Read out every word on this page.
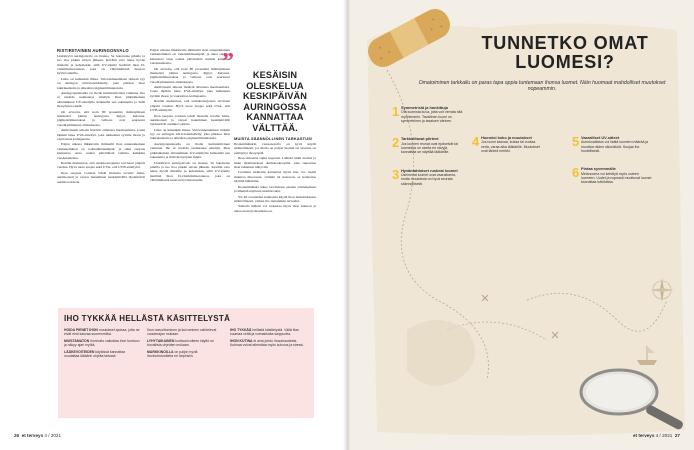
RISTIRIITAINEN AURINGONVALO

Lisääntyvä auringonvalo on ihanaa. Se lekottelee pihalla ja tuo iloa pitkän talven jälkeen. Kevään valo tekee hyvää mielelle ja kehollekin, sillä UV-säteily herättää ihon D-vitamiinituotannon, joka on välttämätöntä luuston hyvinvoinnille.

Liika on kuitenkin liikaa. Valovanhenemisen tärkein syy on auringon ultraviolettisäteily, joka pilkkoo ihon tukirakenteita ja aiheuttaa pigmenttimuutoksia.

Auringonpaisteella on iholle kumulatiivinen vaikutus. Iho ei unohda saamaansa säteilyä. Ihon pitkäaikainen altistuminen UV-säteilylle heikentää sen rakennetta ja lisää ihosyöpien riskiä.

On arvioitu, että noin 80 prosenttia ikääntymisen merkeistä johtuu auringosta. Rypyt, kuivuus, pigmenttimuutokset ja velttous ovat seurausta vuosikymmenten altistuksesta.

Aktiiviteetit ulkona lisäävät altistusta huomaamatta. Lasin läpikin tulee UVA-säteilyä, joka tunkeutuu syvälle ihoon ja vaurioittaa kollageenia.

Paljon ulkona liikkuvalla ihmisellä ihon ennenaikainen vanheneminen on todennäköisempää, ja siksi suojaus kannattaa ottaa osaksi päivittäistä rutiinia kaikkina vuodenaikoina.

Rentile muistuttaa, että aurinkosuojausta tarvitaan ympäri vuoden. Hyvä tuote suojaa sekä UVA- että UVB-säteilyltä.

Ihon suojaus voidaan tehdä monella tavalla: hattu, aurinkolasit ja varjon hakeminen keskipäivällä täydentävät aurinkovoidetta.

Paljon ulkona liikkuvalla ihmisellä ihon ennenaikainen vanheneminen on todennäköisempää, ja siksi suojaus kannattaa ottaa osaksi päivittäistä rutiinia kaikkina vuodenaikoina.

On arvioitu, että noin 80 prosenttia ikääntymisen merkeistä johtuu auringosta. Rypyt, kuivuus, pigmenttimuutokset ja velttous ovat seurausta vuosikymmenten altistuksesta.

Aktiiviteetit ulkona lisäävät altistusta huomaamatta. Lasin läpikin tulee UVA-säteilyä, joka tunkeutuu syvälle ihoon ja vaurioittaa kollageenia.

Rentile muistuttaa, että aurinkosuojausta tarvitaan ympäri vuoden. Hyvä tuote suojaa sekä UVA- että UVB-säteilyltä.

Ihon suojaus voidaan tehdä monella tavalla: hattu, aurinkolasit ja varjon hakeminen keskipäivällä täydentävät aurinkovoidetta.

Liika on kuitenkin liikaa. Valovanhenemisen tärkein syy on auringon ultraviolettisäteily, joka pilkkoo ihon tukirakenteita ja aiheuttaa pigmenttimuutoksia.

Auringonpaisteella on iholle kumulatiivinen vaikutus. Iho ei unohda saamaansa säteilyä. Ihon pitkäaikainen altistuminen UV-säteilylle heikentää sen rakennetta ja lisää ihosyöpien riskiä.

Lisääntyvä auringonvalo on ihanaa. Se lekottelee pihalla ja tuo iloa pitkän talven jälkeen. Kevään valo tekee hyvää mielelle ja kehollekin, sillä UV-säteily herättää ihon D-vitamiinituotannon, joka on välttämätöntä luuston hyvinvoinnille.

”	KESÄISIN OLESKELUA KESKIPÄIVÄN AURINGOSSA KANNATTAA VÄLTTÄÄ.
MUISTA SÄÄNNÖLLINEN TARKASTUS!

Ihotautilääkärin vastaanotolla on hyvä käydä säännöllisesti, jos iholla on paljon luomia tai suvussa on esiintynyt ihosyöpää.

Ihon tarkastus sujuu nopeasti. Lääkäri tutkii luomet ja muut ihomuutokset dermatoskoopilla, joka suurentaa ihon rakenteet näkyviin.

Luomien tarkkailu kannattaa myös itse. Jos luomi muuttaa muotoaan, väriään tai kokoaan, se kannattaa näyttää lääkärille.

Ihotautilääkäri tekee tarvittaessa pienen toimenpiteen ja lähettää näytteen tutkittavaksi.

Yli 40-vuotiaiden kannattaa käydä ihon tarkastuksessa säännöllisesti, vaikka iho tuntuisikin terveeltä.

Samalla lääkäri voi tarkastaa myös ihon kunnon ja antaa neuvoja ihonhoitoon.

IHO TYKKÄÄ HELLÄSTÄ KÄSITTELYSTÄ

HOIDA PIENET IHON muutokset ajoissa, jotta ne eivät ehdi kasvaa suuremmiksi.

MUISTAMATON ihonhoito vaikuttaa ihon kuntoon ja näkyy ajan myötä.

LÄÄKEVOITEIDEN käytössä kannattaa noudattaa lääkärin ohjeita tarkasti.

Ihon rasvoittuminen ja kuivuminen vaihtelevat vuodenajan mukaan.

LYHYTAIKAINEN kortisonivoiteen käyttö on turvallista ohjeiden mukaan.

MARKKINOILLA on paljon hyviä ihonhoitotuotteita eri tarpeisiin.

IHO TYKKÄÄ hellästä käsittelystä. Vältä liian kuumaa vettä ja voimakkaita saippuoita.

IHON KUTINA ei aina johdu ihosairaudesta. Kutinaa voivat aiheuttaa myös kuivuus ja stressi.

26 et terveys 4 / 2021
TUNNETKO OMAT LUOMESI?
Omatoiminen tarkkailu on paras tapa oppia tuntemaan ihonsa luomet. Näin huomaat mahdolliset muutokset nopeammin.
1 Symmetrisiä ja hankittuja
Ota luomista kuva, jotta voit verrata sitä myöhemmin. Tavallinen luomi on symmetrinen ja tasaisen värinen.
2 Tarkkailtavat piirteet
Jos luomen reunat ovat epäselvät tai luomessa on useita eri sävyjä, kannattaa se näyttää lääkärille.
3 Hyväntahtoiset ruskeat luomet
Useimmat luomet ovat vaarattomia, mutta muutoksia on hyvä seurata säännöllisesti.
4 Huomioi koko ja muutokset
Jos luomi kasvaa, kutiaa tai vuotaa verta, varaa aika lääkärille. Muutokset ovat tärkeä merkki.
5 Vaaralliset UV-säteet
Aurinkoaltistus voi lisätä luomien määrää ja muuttaa niiden ulkonäköä. Suojaa iho huolellisesti.
6 Pintaa syvemmälle
Melanooma voi kehittyä myös uuteen luomeen. Uudet ja nopeasti muuttuvat luomet kannattaa tutkituttaa.
et terveys 4 / 2021 27
